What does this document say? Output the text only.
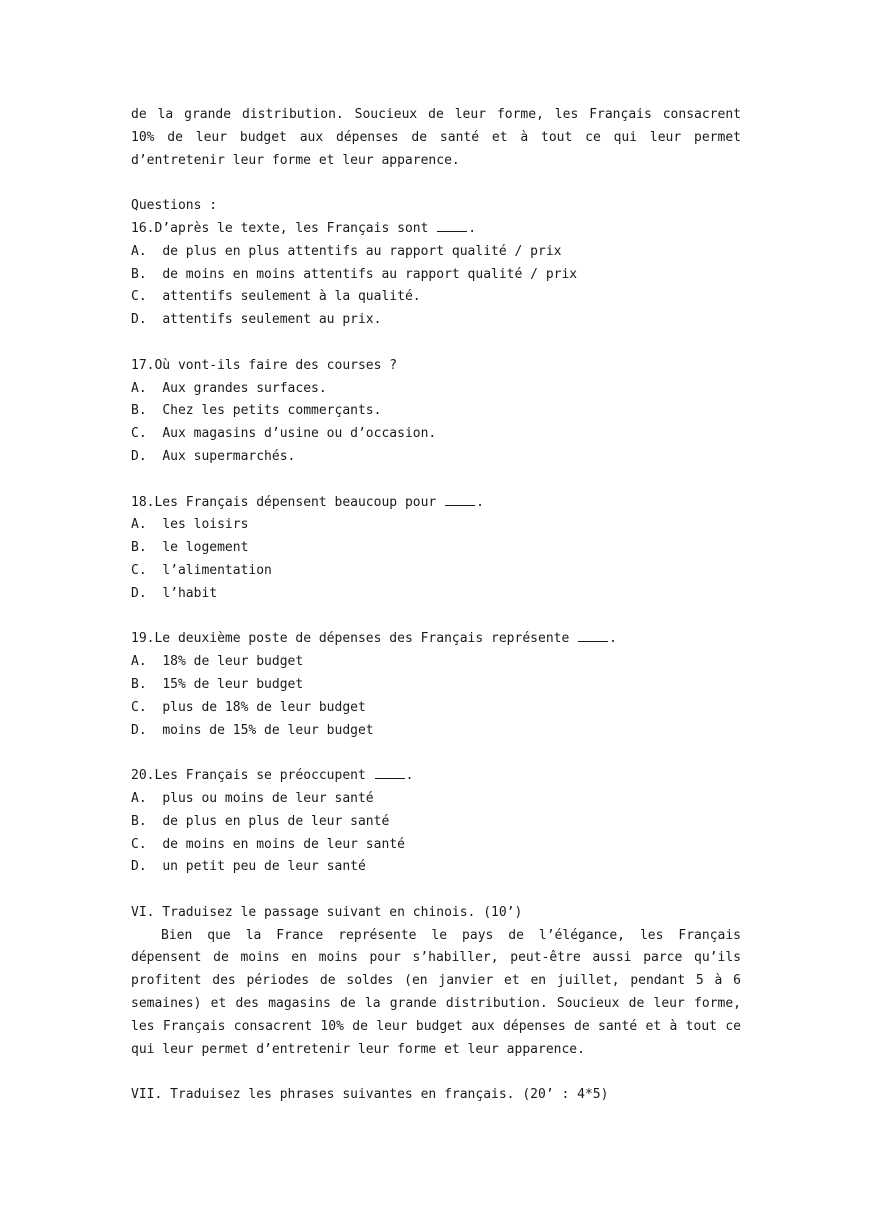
de la grande distribution. Soucieux de leur forme, les Français consacrent 10% de leur budget aux dépenses de santé et à tout ce qui leur permet d’entretenir leur forme et leur apparence.

Questions :
16.D’après le texte, les Français sont	.
A. de plus en plus attentifs au rapport qualité / prix
B. de moins en moins attentifs au rapport qualité / prix
C. attentifs seulement à la qualité.
D. attentifs seulement au prix.
17.Où vont-ils faire des courses ?
A. Aux grandes surfaces.
B. Chez les petits commerçants.
C. Aux magasins d’usine ou d’occasion.
D. Aux supermarchés.
18.Les Français dépensent beaucoup pour	.
A. les loisirs
B. le logement
C. l’alimentation
D. l’habit
19.Le deuxième poste de dépenses des Français représente	.
A. 18% de leur budget
B. 15% de leur budget
C. plus de 18% de leur budget
D. moins de 15% de leur budget
20.Les Français se préoccupent	.
A. plus ou moins de leur santé
B. de plus en plus de leur santé
C. de moins en moins de leur santé
D. un petit peu de leur santé
VI. Traduisez le passage suivant en chinois. (10’)

Bien que la France représente le pays de l’élégance, les Français dépensent de moins en moins pour s’habiller, peut-être aussi parce qu’ils profitent des périodes de soldes (en janvier et en juillet, pendant 5 à 6 semaines) et des magasins de la grande distribution. Soucieux de leur forme, les Français consacrent 10% de leur budget aux dépenses de santé et à tout ce qui leur permet d’entretenir leur forme et leur apparence.

VII. Traduisez les phrases suivantes en français. (20’ : 4*5)
